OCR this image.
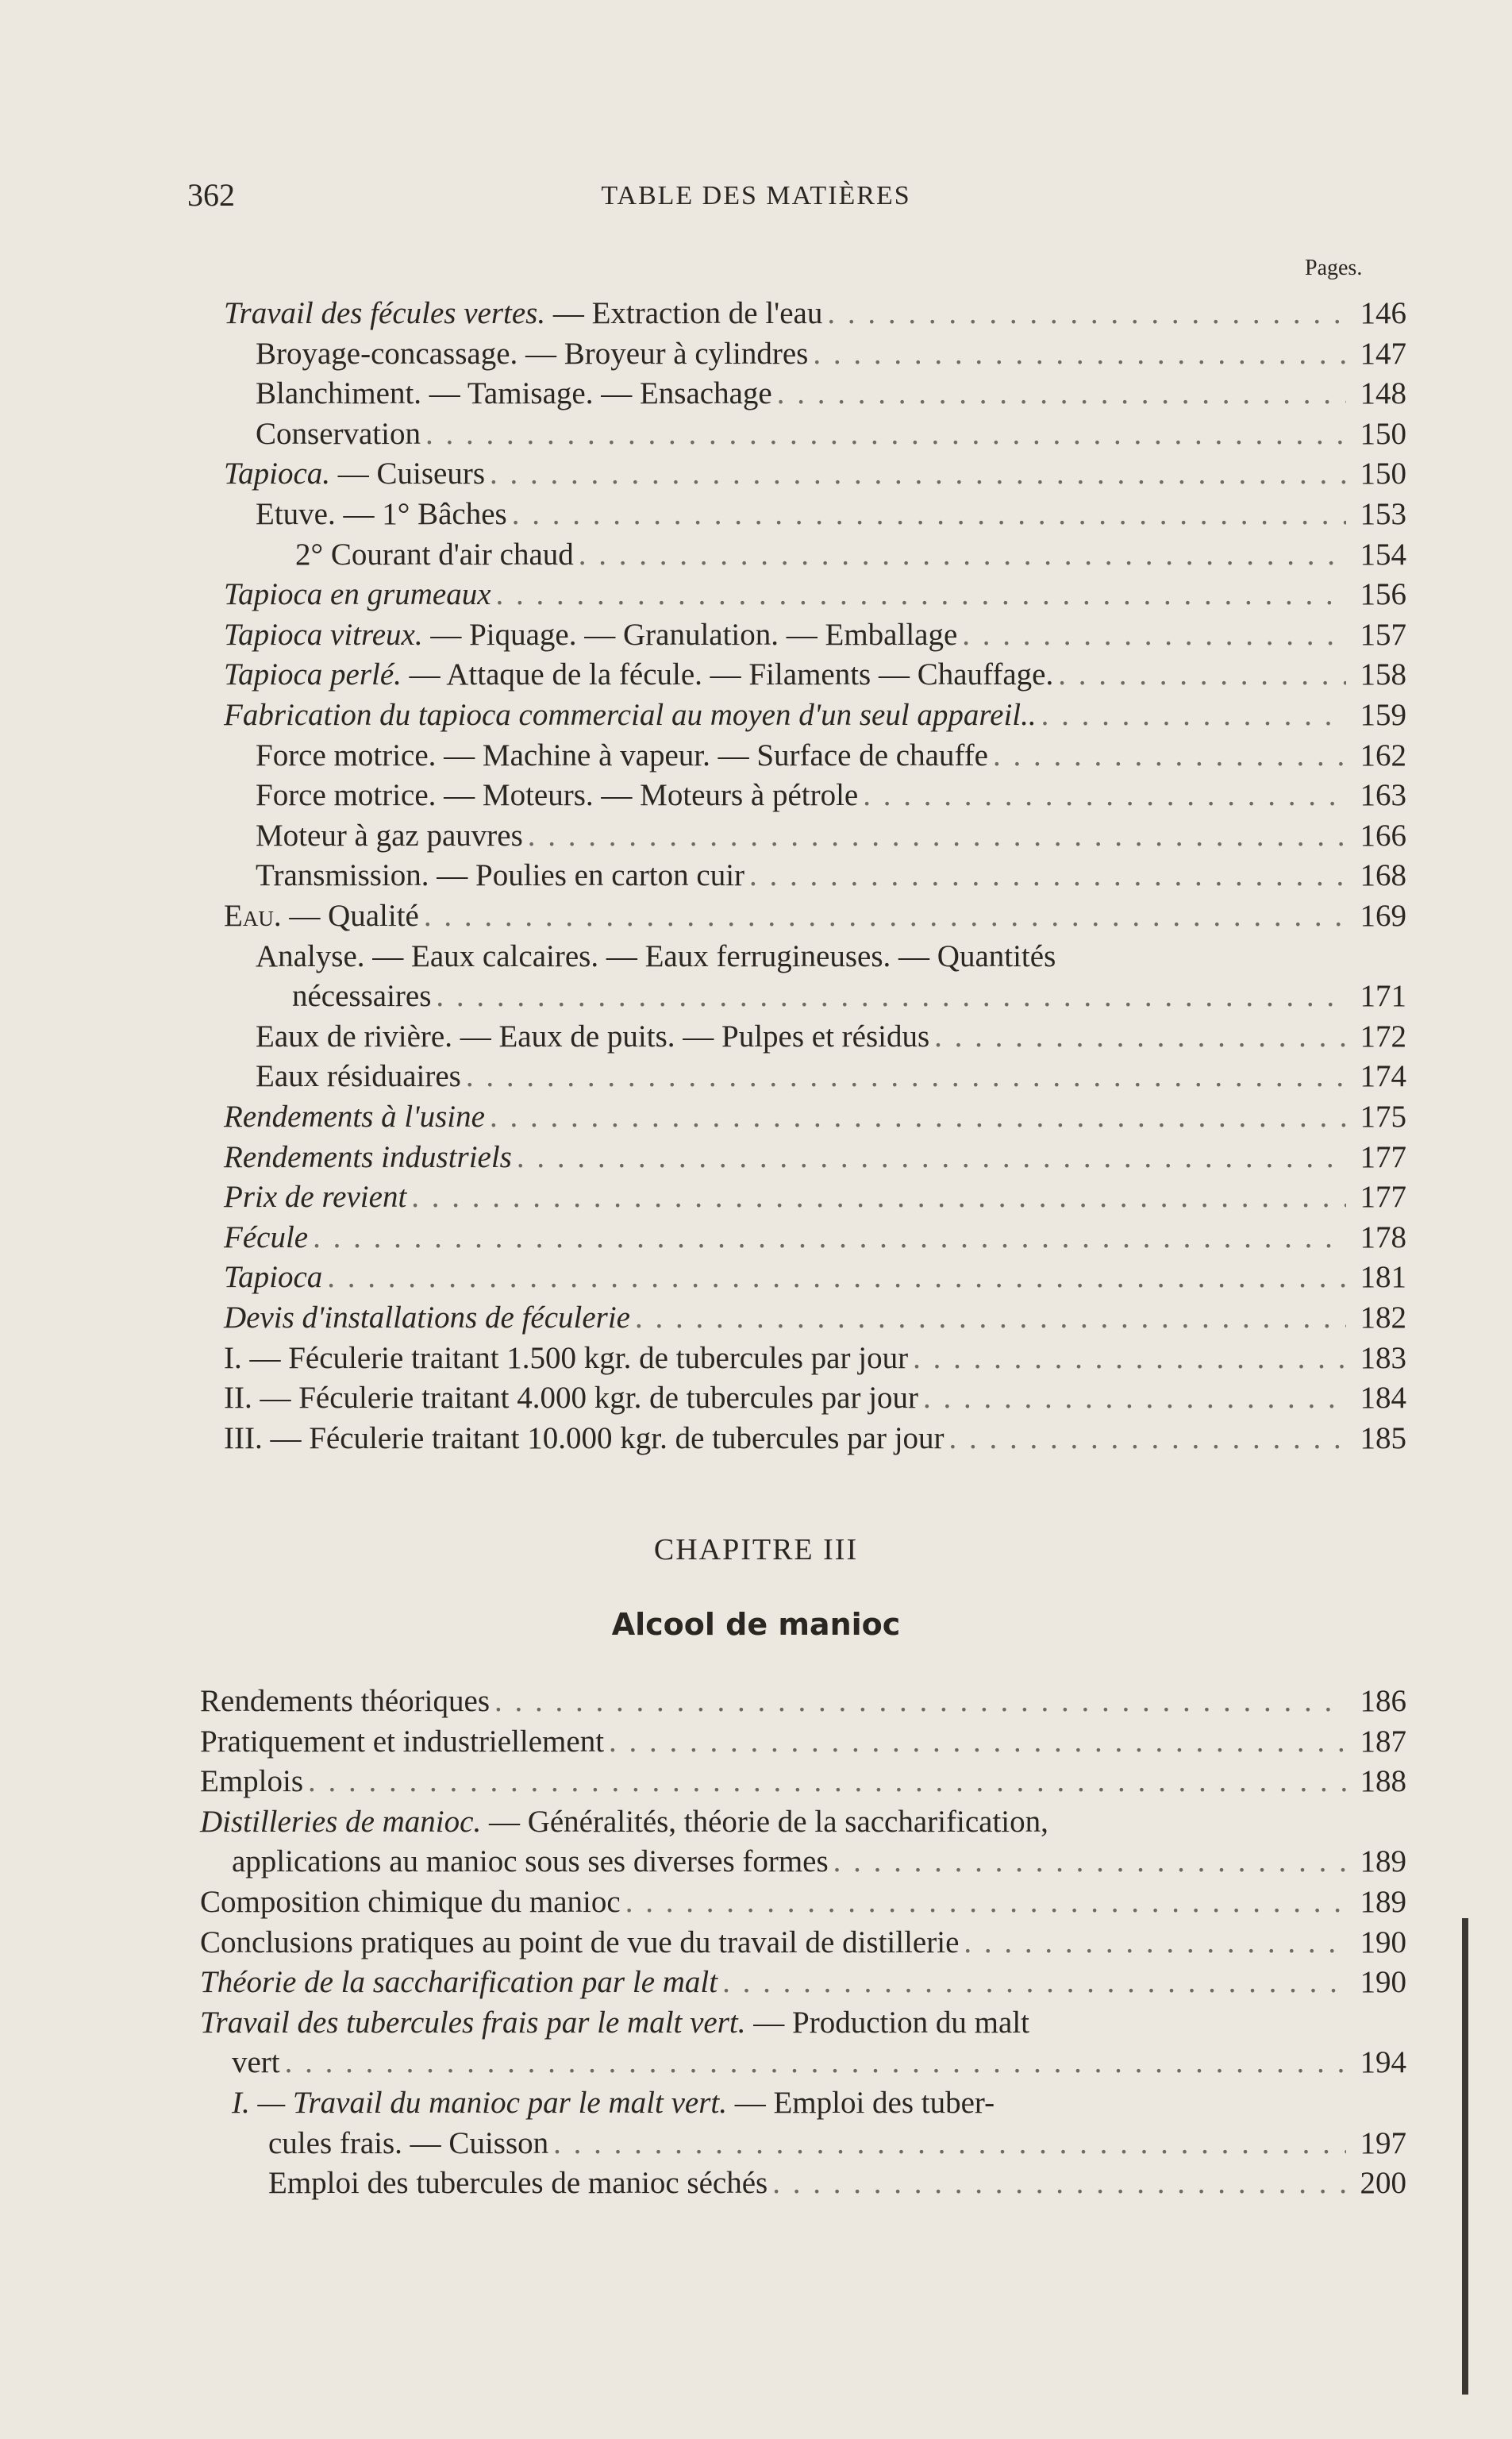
362	TABLE DES MATIÈRES
Pages.
Travail des fécules vertes. — Extraction de l'eau . . .	146
Broyage-concassage. — Broyeur à cylindres . . .	147
Blanchiment. — Tamisage. — Ensachage . . .	148
Conservation . . .	150
Tapioca. — Cuiseurs . . .	150
Etuve. — 1° Bâches . . .	153
2° Courant d'air chaud . . .	154
Tapioca en grumeaux . . .	156
Tapioca vitreux. — Piquage. — Granulation. — Emballage . . .	157
Tapioca perlé. — Attaque de la fécule. — Filaments — Chauffage. . . .	158
Fabrication du tapioca commercial au moyen d'un seul appareil.. . . .	159
Force motrice. — Machine à vapeur. — Surface de chauffe . . .	162
Force motrice. — Moteurs. — Moteurs à pétrole . . .	163
Moteur à gaz pauvres . . .	166
Transmission. — Poulies en carton cuir . . .	168
Eau. — Qualité . . .	169
Analyse. — Eaux calcaires. — Eaux ferrugineuses. — Quantités
nécessaires . . .	171
Eaux de rivière. — Eaux de puits. — Pulpes et résidus . . .	172
Eaux résiduaires . . .	174
Rendements à l'usine . . .	175
Rendements industriels . . .	177
Prix de revient . . .	177
Fécule . . .	178
Tapioca . . .	181
Devis d'installations de féculerie . . .	182
I. — Féculerie traitant 1.500 kgr. de tubercules par jour . . .	183
II. — Féculerie traitant 4.000 kgr. de tubercules par jour . . .	184
III. — Féculerie traitant 10.000 kgr. de tubercules par jour . . .	185
CHAPITRE III
Alcool de manioc
Rendements théoriques . . .	186
Pratiquement et industriellement . . .	187
Emplois . . .	188
Distilleries de manioc. — Généralités, théorie de la saccharification,
applications au manioc sous ses diverses formes . . .	189
Composition chimique du manioc . . .	189
Conclusions pratiques au point de vue du travail de distillerie . . .	190
Théorie de la saccharification par le malt . . .	190
Travail des tubercules frais par le malt vert. — Production du malt
vert . . .	194
I. — Travail du manioc par le malt vert. — Emploi des tuber-
cules frais. — Cuisson . . .	197
Emploi des tubercules de manioc séchés . . .	200
